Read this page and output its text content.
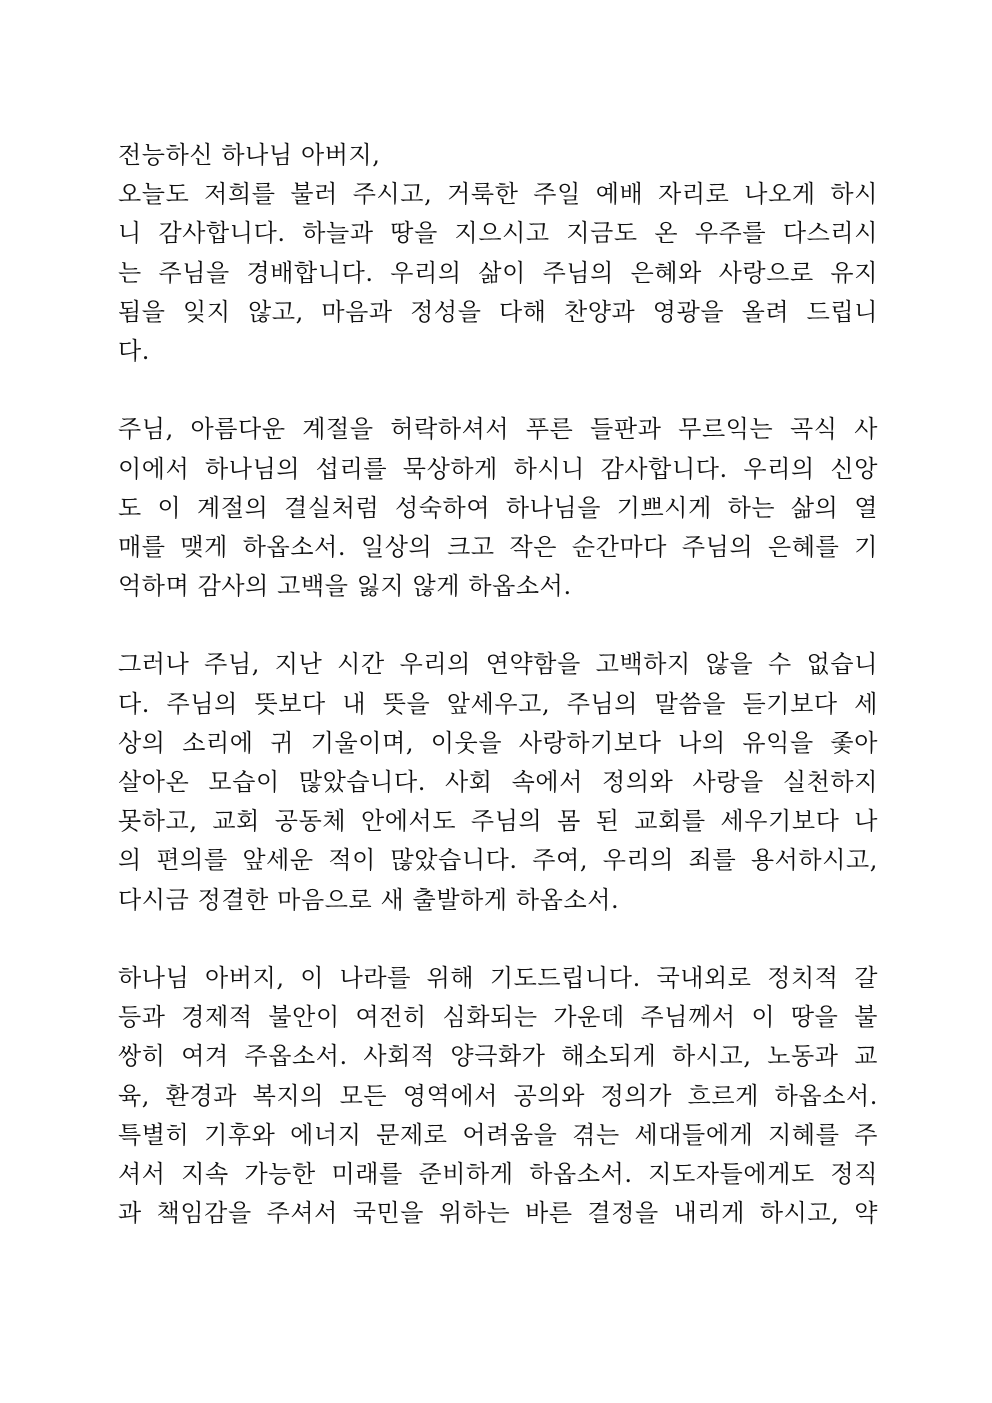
전능하신 하나님 아버지,
오늘도 저희를 불러 주시고, 거룩한 주일 예배 자리로 나오게 하시
니 감사합니다. 하늘과 땅을 지으시고 지금도 온 우주를 다스리시
는 주님을 경배합니다. 우리의 삶이 주님의 은혜와 사랑으로 유지
됨을 잊지 않고, 마음과 정성을 다해 찬양과 영광을 올려 드립니
다.
주님, 아름다운 계절을 허락하셔서 푸른 들판과 무르익는 곡식 사
이에서 하나님의 섭리를 묵상하게 하시니 감사합니다. 우리의 신앙
도 이 계절의 결실처럼 성숙하여 하나님을 기쁘시게 하는 삶의 열
매를 맺게 하옵소서. 일상의 크고 작은 순간마다 주님의 은혜를 기
억하며 감사의 고백을 잃지 않게 하옵소서.
그러나 주님, 지난 시간 우리의 연약함을 고백하지 않을 수 없습니
다. 주님의 뜻보다 내 뜻을 앞세우고, 주님의 말씀을 듣기보다 세
상의 소리에 귀 기울이며, 이웃을 사랑하기보다 나의 유익을 좇아
살아온 모습이 많았습니다. 사회 속에서 정의와 사랑을 실천하지
못하고, 교회 공동체 안에서도 주님의 몸 된 교회를 세우기보다 나
의 편의를 앞세운 적이 많았습니다. 주여, 우리의 죄를 용서하시고,
다시금 정결한 마음으로 새 출발하게 하옵소서.
하나님 아버지, 이 나라를 위해 기도드립니다. 국내외로 정치적 갈
등과 경제적 불안이 여전히 심화되는 가운데 주님께서 이 땅을 불
쌍히 여겨 주옵소서. 사회적 양극화가 해소되게 하시고, 노동과 교
육, 환경과 복지의 모든 영역에서 공의와 정의가 흐르게 하옵소서.
특별히 기후와 에너지 문제로 어려움을 겪는 세대들에게 지혜를 주
셔서 지속 가능한 미래를 준비하게 하옵소서. 지도자들에게도 정직
과 책임감을 주셔서 국민을 위하는 바른 결정을 내리게 하시고, 약
